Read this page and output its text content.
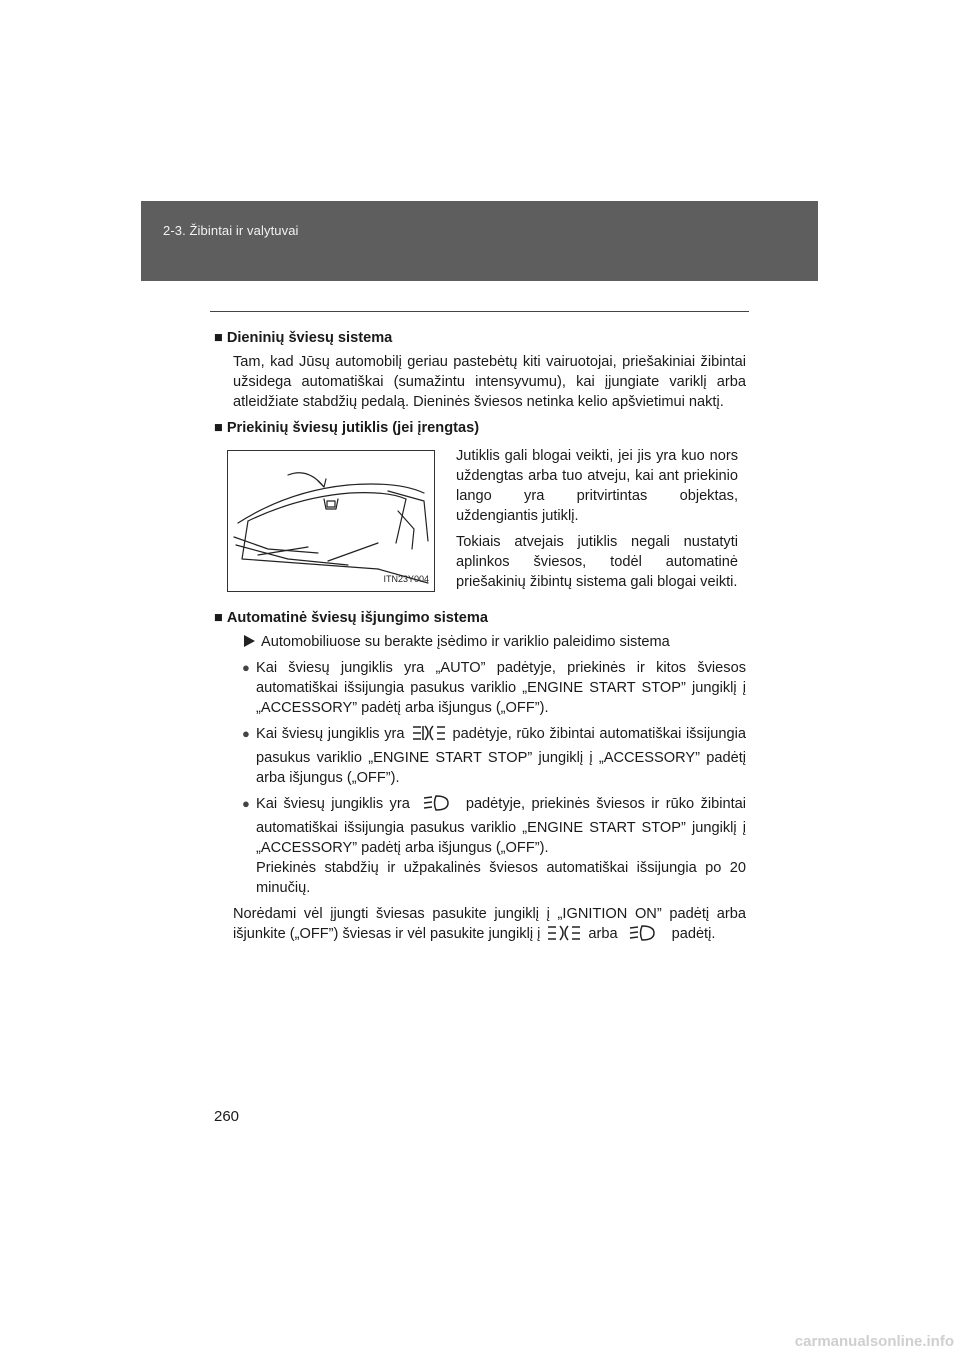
2-3. Žibintai ir valytuvai

■ Dieninių šviesų sistema

Tam, kad Jūsų automobilį geriau pastebėtų kiti vairuotojai, priešakiniai žibintai užsidega automatiškai (sumažintu intensyvumu), kai įjungiate variklį arba atleidžiate stabdžių pedalą. Dieninės šviesos netinka kelio apšvietimui naktį.

■ Priekinių šviesų jutiklis (jei įrengtas)

ITN23Y004

Jutiklis gali blogai veikti, jei jis yra kuo nors uždengtas arba tuo atveju, kai ant priekinio lango yra pritvirtintas objektas, uždengiantis jutiklį.

Tokiais atvejais jutiklis negali nustatyti aplinkos šviesos, todėl automatinė priešakinių žibintų sistema gali blogai veikti.

■ Automatinė šviesų išjungimo sistema

Automobiliuose su berakte įsėdimo ir variklio paleidimo sistema

● Kai šviesų jungiklis yra „AUTO” padėtyje, priekinės ir kitos šviesos automatiškai išsijungia pasukus variklio „ENGINE START STOP” jungiklį į „ACCESSORY” padėtį arba išjungus („OFF”).
● Kai šviesų jungiklis yra	padėtyje, rūko žibintai automatiškai išsijungia pasukus variklio „ENGINE START STOP” jungiklį į „ACCESSORY” padėtį arba išjungus („OFF”).
● Kai šviesų jungiklis yra	padėtyje, priekinės šviesos ir rūko žibintai automatiškai išsijungia pasukus variklio „ENGINE START STOP” jungiklį į „ACCESSORY” padėtį arba išjungus („OFF”).
Priekinės stabdžių ir užpakalinės šviesos automatiškai išsijungia po 20 minučių.

Norėdami vėl įjungti šviesas pasukite jungiklį į „IGNITION ON” padėtį arba išjunkite („OFF”) šviesas ir vėl pasukite jungiklį į	arba	padėtį.

260
carmanualsonline.info
